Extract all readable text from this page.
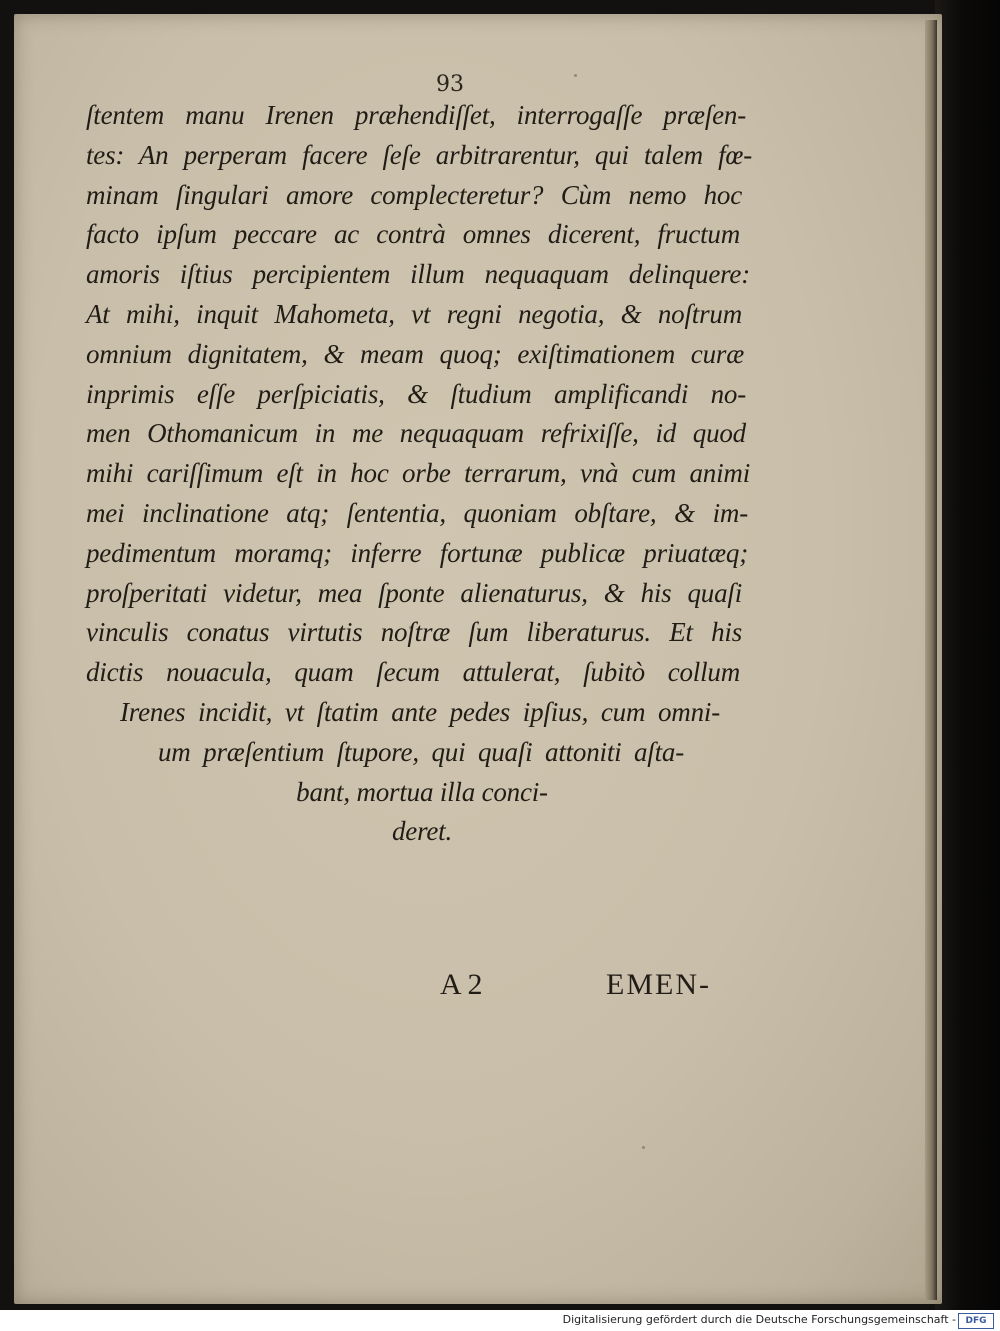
93
ſtentem manu Irenen præhendiſſet, interrogaſſe præſen-
tes: An perperam facere ſeſe arbitrarentur, qui talem fœ-
minam ſingulari amore complecteretur? Cùm nemo hoc
facto ipſum peccare ac contrà omnes dicerent, fructum
amoris iſtius percipientem illum nequaquam delinquere:
At mihi, inquit Mahometa, vt regni negotia, & noſtrum
omnium dignitatem, & meam quoq; exiſtimationem curæ
inprimis eſſe perſpiciatis, & ſtudium amplificandi no-
men Othomanicum in me nequaquam refrixiſſe, id quod
mihi cariſſimum eſt in hoc orbe terrarum, vnà cum animi
mei inclinatione atq; ſententia, quoniam obſtare, & im-
pedimentum moramq; inferre fortunæ publicæ priuatæq;
proſperitati videtur, mea ſponte alienaturus, & his quaſi
vinculis conatus virtutis noſtræ ſum liberaturus. Et his
dictis nouacula, quam ſecum attulerat, ſubitò collum
Irenes incidit, vt ſtatim ante pedes ipſius, cum omni-
um præſentium ſtupore, qui quaſi attoniti aſta-
bant, mortua illa conci-
deret.
A 2	EMEN-
Digitalisierung gefördert durch die Deutsche Forschungsgemeinschaft -	DFG
